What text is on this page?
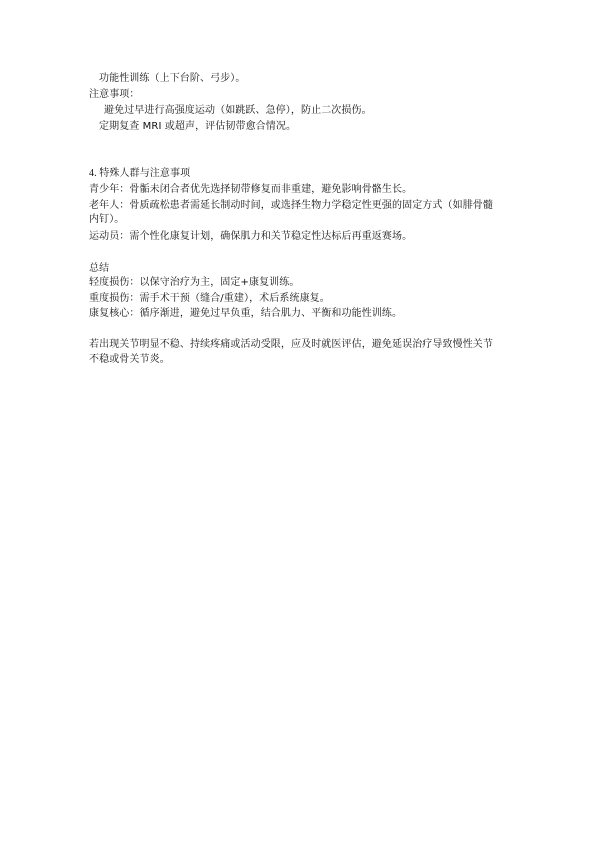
功能性训练（上下台阶、弓步）。
注意事项：
避免过早进行高强度运动（如跳跃、急停），防止二次损伤。
定期复查 MRI 或超声，评估韧带愈合情况。
4. 特殊人群与注意事项
青少年：骨骺未闭合者优先选择韧带修复而非重建，避免影响骨骼生长。
老年人：骨质疏松患者需延长制动时间，或选择生物力学稳定性更强的固定方式（如腓骨髓
内钉）。
运动员：需个性化康复计划，确保肌力和关节稳定性达标后再重返赛场。
总结
轻度损伤：以保守治疗为主，固定+康复训练。
重度损伤：需手术干预（缝合/重建），术后系统康复。
康复核心：循序渐进，避免过早负重，结合肌力、平衡和功能性训练。
若出现关节明显不稳、持续疼痛或活动受限，应及时就医评估，避免延误治疗导致慢性关节
不稳或骨关节炎。
